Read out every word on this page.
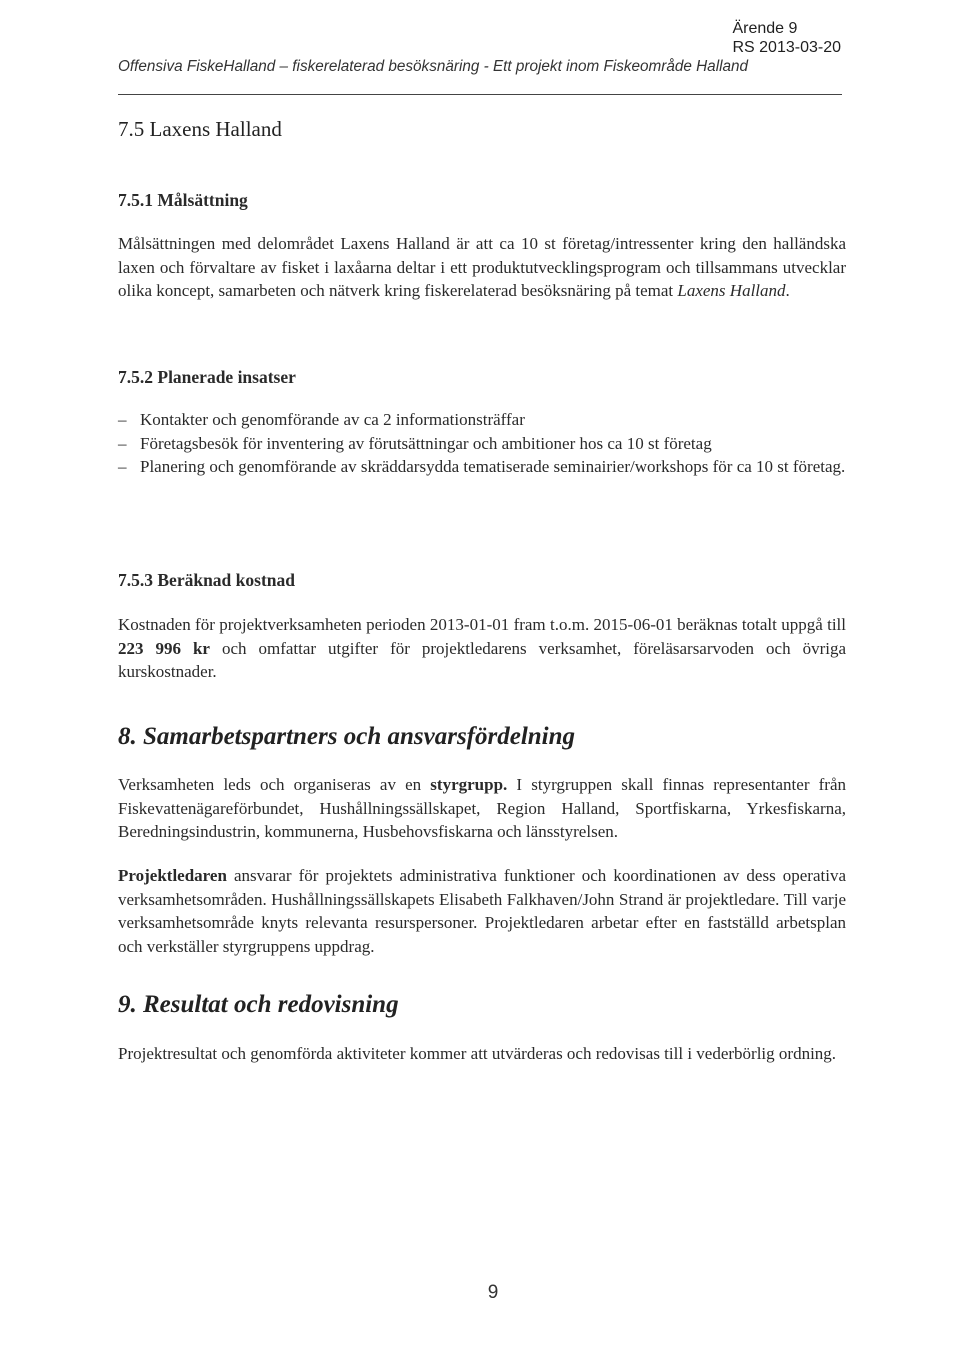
Ärende 9
RS 2013-03-20
Offensiva FiskeHalland – fiskerelaterad besöksnäring - Ett projekt inom Fiskeområde Halland
7.5 Laxens Halland
7.5.1 Målsättning
Målsättningen med delområdet Laxens Halland är att ca 10 st företag/intressenter kring den halländska laxen och förvaltare av fisket i laxåarna deltar i ett produktutvecklingsprogram och tillsammans utvecklar olika koncept, samarbeten och nätverk kring fiskerelaterad besöksnäring på temat Laxens Halland.
7.5.2 Planerade insatser
– Kontakter och genomförande av ca 2 informationsträffar
– Företagsbesök för inventering av förutsättningar och ambitioner hos ca 10 st företag
– Planering och genomförande av skräddarsydda tematiserade seminairier/workshops för ca 10 st företag.
7.5.3 Beräknad kostnad
Kostnaden för projektverksamheten perioden 2013-01-01 fram t.o.m. 2015-06-01 beräknas totalt uppgå till 223 996 kr och omfattar utgifter för projektledarens verksamhet, föreläsarsarvoden och övriga kurskostnader.
8. Samarbetspartners och ansvarsfördelning
Verksamheten leds och organiseras av en styrgrupp. I styrgruppen skall finnas representanter från Fiskevattenägareförbundet, Hushållningssällskapet, Region Halland, Sportfiskarna, Yrkesfiskarna, Beredningsindustrin, kommunerna, Husbehovsfiskarna och länsstyrelsen.
Projektledaren ansvarar för projektets administrativa funktioner och koordinationen av dess operativa verksamhetsområden. Hushållningssällskapets Elisabeth Falkhaven/John Strand är projektledare. Till varje verksamhetsområde knyts relevanta resurspersoner. Projektledaren arbetar efter en fastställd arbetsplan och verkställer styrgruppens uppdrag.
9. Resultat och redovisning
Projektresultat och genomförda aktiviteter kommer att utvärderas och redovisas till i vederbörlig ordning.
9
